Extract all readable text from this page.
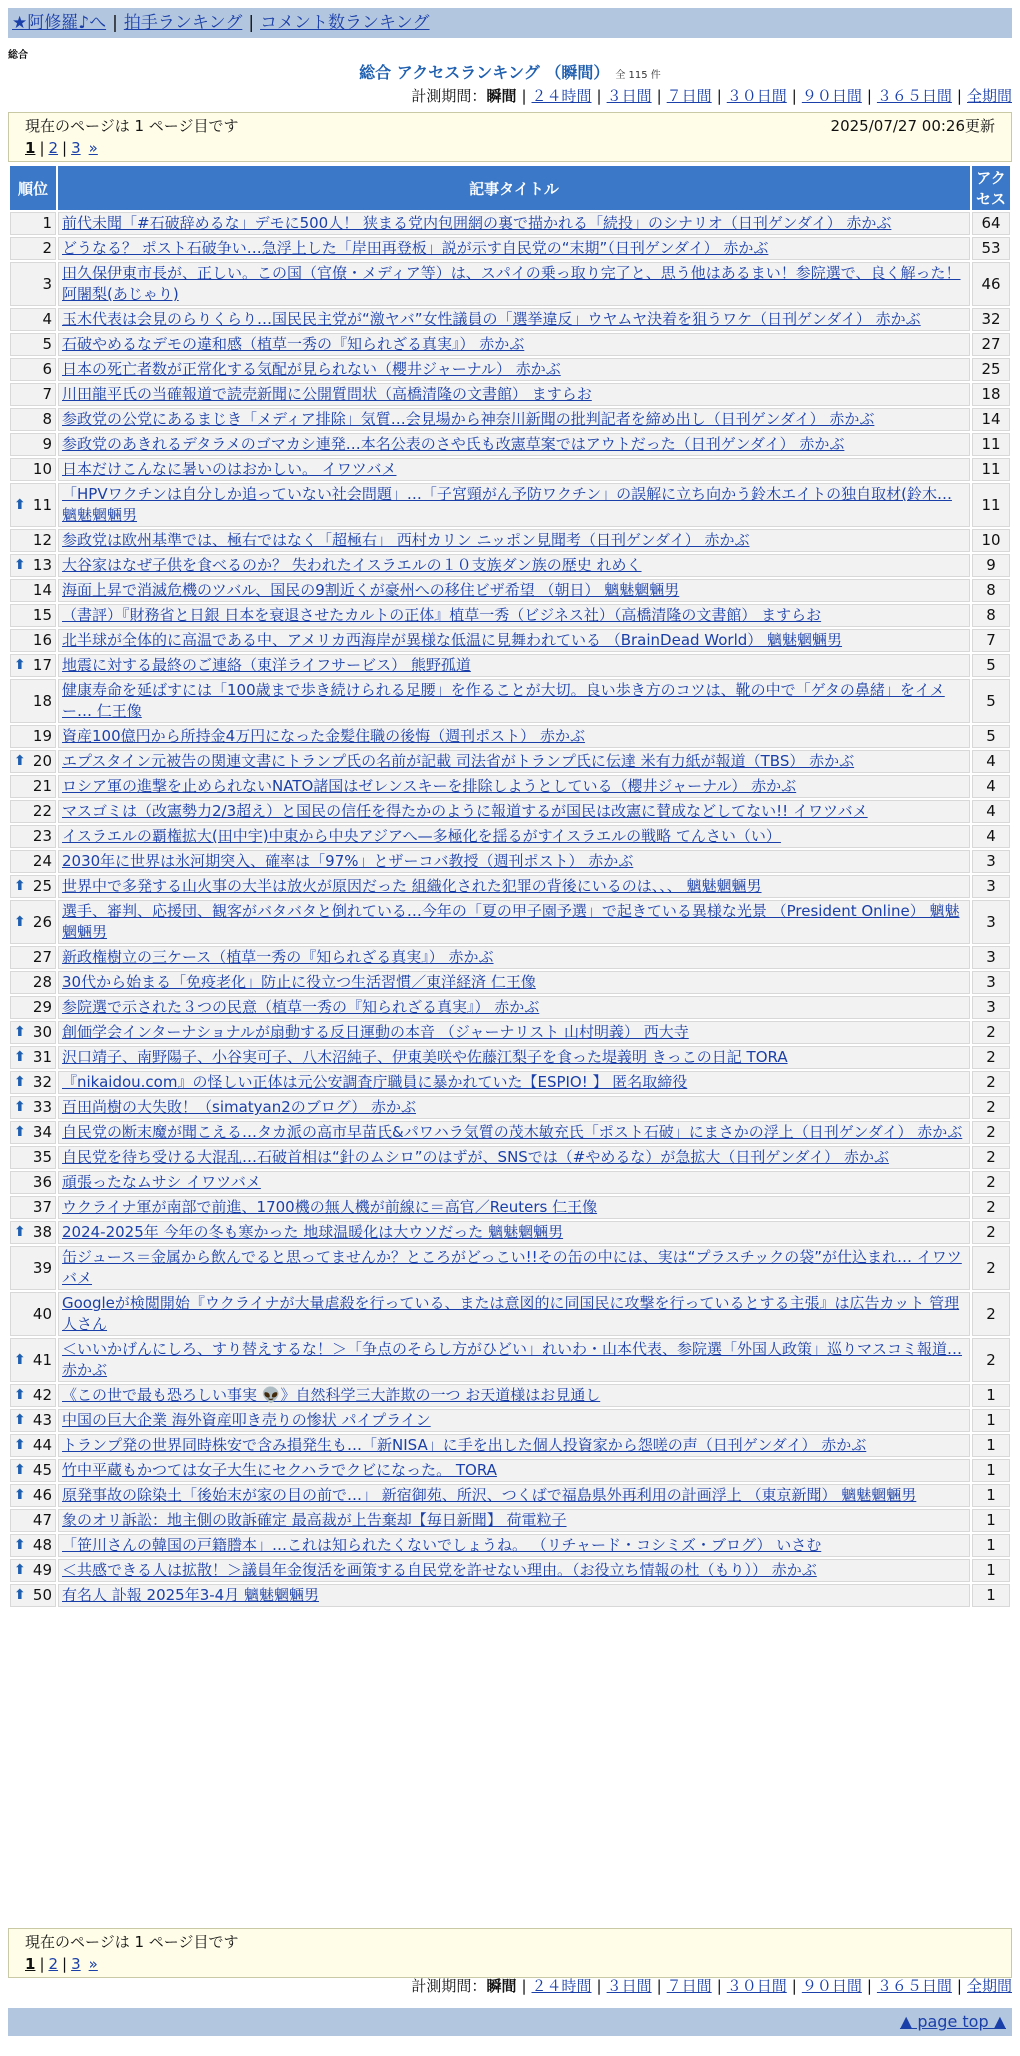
★阿修羅♪へ | 拍手ランキング | コメント数ランキング
総合
総合 アクセスランキング （瞬間） 全 115 件
計測期間：瞬間 | ２４時間 | ３日間 | ７日間 | ３０日間 | ９０日間 | ３６５日間 | 全期間
現在のページは 1 ページ目です	2025/07/27 00:26更新
1 | 2 | 3 »
順位	記事タイトル	アクセス
1	前代未聞「#石破辞めるな」デモに500人！ 狭まる党内包囲網の裏で描かれる「続投」のシナリオ（日刊ゲンダイ） 赤かぶ	64
2	どうなる？ ポスト石破争い…急浮上した「岸田再登板」説が示す自民党の“末期”（日刊ゲンダイ） 赤かぶ	53
3	田久保伊東市長が、正しい。この国（官僚・メディア等）は、スパイの乗っ取り完了と、思う他はあるまい！参院選で、良く解った！ 阿闍梨(あじゃり)	46
4	玉木代表は会見のらりくらり…国民民主党が“激ヤバ”女性議員の「選挙違反」ウヤムヤ決着を狙うワケ（日刊ゲンダイ） 赤かぶ	32
5	石破やめるなデモの違和感（植草一秀の『知られざる真実』） 赤かぶ	27
6	日本の死亡者数が正常化する気配が見られない（櫻井ジャーナル） 赤かぶ	25
7	川田龍平氏の当確報道で読売新聞に公開質問状（高橋清隆の文書館） ますらお	18
8	参政党の公党にあるまじき「メディア排除」気質…会見場から神奈川新聞の批判記者を締め出し（日刊ゲンダイ） 赤かぶ	14
9	参政党のあきれるデタラメのゴマカシ連発…本名公表のさや氏も改憲草案ではアウトだった（日刊ゲンダイ） 赤かぶ	11
10	日本だけこんなに暑いのはおかしい。 イワツバメ	11

⬆ 11	「HPVワクチンは自分しか追っていない社会問題」…「子宮頸がん予防ワクチン」の誤解に立ち向かう鈴木エイトの独自取材(鈴木… 魑魅魍魎男	11
12	参政党は欧州基準では、極右ではなく「超極右」 西村カリン ニッポン見聞考（日刊ゲンダイ） 赤かぶ	10

⬆ 13	大谷家はなぜ子供を食べるのか？ 失われたイスラエルの１０支族ダン族の歴史 れめく	9
14	海面上昇で消滅危機のツバル、国民の9割近くが豪州への移住ビザ希望 （朝日） 魑魅魍魎男	8
15	（書評）『財務省と日銀 日本を衰退させたカルトの正体』植草一秀（ビジネス社）（高橋清隆の文書館） ますらお	8
16	北半球が全体的に高温である中、アメリカ西海岸が異様な低温に見舞われている （BrainDead World） 魑魅魍魎男	7

⬆ 17	地震に対する最終のご連絡（東洋ライフサービス） 熊野孤道	5
18	健康寿命を延ばすには「100歳まで歩き続けられる足腰」を作ることが大切。良い歩き方のコツは、靴の中で「ゲタの鼻緒」をイメー… 仁王像	5
19	資産100億円から所持金4万円になった金髪住職の後悔（週刊ポスト） 赤かぶ	5

⬆ 20	エプスタイン元被告の関連文書にトランプ氏の名前が記載 司法省がトランプ氏に伝達 米有力紙が報道（TBS） 赤かぶ	4
21	ロシア軍の進撃を止められないNATO諸国はゼレンスキーを排除しようとしている（櫻井ジャーナル） 赤かぶ	4
22	マスゴミは（改憲勢力2/3超え）と国民の信任を得たかのように報道するが国民は改憲に賛成などしてない!! イワツバメ	4
23	イスラエルの覇権拡大(田中宇)中東から中央アジアへ—多極化を揺るがすイスラエルの戦略 てんさい（い）	4
24	2030年に世界は氷河期突入、確率は「97%」とザーコバ教授（週刊ポスト） 赤かぶ	3

⬆ 25	世界中で多発する山火事の大半は放火が原因だった 組織化された犯罪の背後にいるのは、、、 魑魅魍魎男	3

⬆ 26	選手、審判、応援団、観客がバタバタと倒れている…今年の「夏の甲子園予選」で起きている異様な光景 （President Online） 魑魅魍魎男	3
27	新政権樹立の三ケース（植草一秀の『知られざる真実』） 赤かぶ	3
28	30代から始まる「免疫老化」防止に役立つ生活習慣／東洋経済 仁王像	3
29	参院選で示された３つの民意（植草一秀の『知られざる真実』） 赤かぶ	3

⬆ 30	創価学会インターナショナルが扇動する反日運動の本音 （ジャーナリスト 山村明義） 西大寺	2

⬆ 31	沢口靖子、南野陽子、小谷実可子、八木沼純子、伊東美咲や佐藤江梨子を食った堤義明 きっこの日記 TORA	2

⬆ 32	『nikaidou.com』の怪しい正体は元公安調査庁職員に暴かれていた【ESPIO! 】 匿名取締役	2

⬆ 33	百田尚樹の大失敗！（simatyan2のブログ） 赤かぶ	2

⬆ 34	自民党の断末魔が聞こえる…タカ派の高市早苗氏&パワハラ気質の茂木敏充氏「ポスト石破」にまさかの浮上（日刊ゲンダイ） 赤かぶ	2
35	自民党を待ち受ける大混乱…石破首相は“針のムシロ”のはずが、SNSでは（#やめるな）が急拡大（日刊ゲンダイ） 赤かぶ	2
36	頑張ったなムサシ イワツバメ	2
37	ウクライナ軍が南部で前進、1700機の無人機が前線に＝高官／Reuters 仁王像	2

⬆ 38	2024-2025年 今年の冬も寒かった 地球温暖化は大ウソだった 魑魅魍魎男	2
39	缶ジュース＝金属から飲んでると思ってませんか？ところがどっこい!!その缶の中には、実は“プラスチックの袋”が仕込まれ… イワツバメ	2
40	Googleが検閲開始『ウクライナが大量虐殺を行っている、または意図的に同国民に攻撃を行っているとする主張』は広告カット 管理人さん	2

⬆ 41	＜いいかげんにしろ、すり替えするな！＞「争点のそらし方がひどい」れいわ・山本代表、参院選「外国人政策」巡りマスコミ報道… 赤かぶ	2

⬆ 42	《この世で最も恐ろしい事実 👽》自然科学三大詐欺の一つ お天道様はお見通し	1

⬆ 43	中国の巨大企業 海外資産叩き売りの惨状 パイプライン	1

⬆ 44	トランプ発の世界同時株安で含み損発生も…「新NISA」に手を出した個人投資家から怨嗟の声（日刊ゲンダイ） 赤かぶ	1

⬆ 45	竹中平蔵もかつては女子大生にセクハラでクビになった。 TORA	1

⬆ 46	原発事故の除染土「後始末が家の目の前で…」 新宿御苑、所沢、つくばで福島県外再利用の計画浮上 （東京新聞） 魑魅魍魎男	1
47	象のオリ訴訟：地主側の敗訴確定 最高裁が上告棄却【毎日新聞】 荷電粒子	1

⬆ 48	「笹川さんの韓国の戸籍謄本」…これは知られたくないでしょうね。 （リチャード・コシミズ・ブログ） いさむ	1

⬆ 49	＜共感できる人は拡散！＞議員年金復活を画策する自民党を許せない理由。（お役立ち情報の杜（もり）） 赤かぶ	1

⬆ 50	有名人 訃報 2025年3-4月 魑魅魍魎男	1
現在のページは 1 ページ目です
1 | 2 | 3 »
計測期間：瞬間 | ２４時間 | ３日間 | ７日間 | ３０日間 | ９０日間 | ３６５日間 | 全期間
▲ page top ▲
